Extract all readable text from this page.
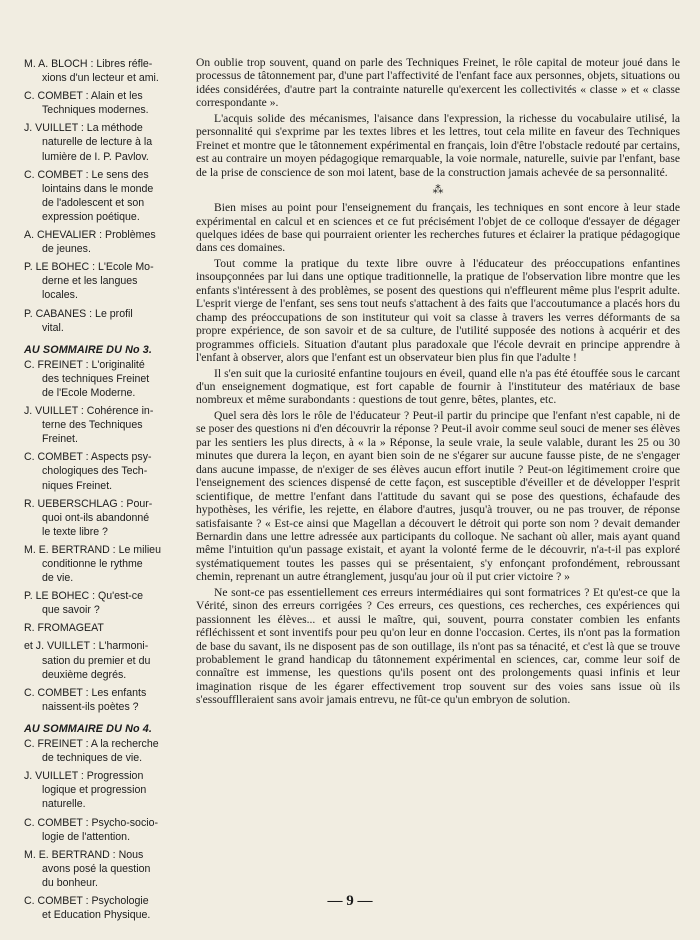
M. A. BLOCH : Libres réfle-
xions d'un lecteur et ami.
C. COMBET : Alain et les
Techniques modernes.
J. VUILLET : La méthode
naturelle de lecture à la
lumière de I. P. Pavlov.
C. COMBET : Le sens des
lointains dans le monde
de l'adolescent et son
expression poétique.
A. CHEVALIER : Problèmes
de jeunes.
P. LE BOHEC : L'Ecole Mo-
derne et les langues
locales.
P. CABANES : Le profil
vital.
AU SOMMAIRE DU No 3.
C. FREINET : L'originalité
des techniques Freinet
de l'Ecole Moderne.
J. VUILLET : Cohérence in-
terne des Techniques
Freinet.
C. COMBET : Aspects psy-
chologiques des Tech-
niques Freinet.
R. UEBERSCHLAG : Pour-
quoi ont-ils abandonné
le texte libre ?
M. E. BERTRAND : Le milieu
conditionne le rythme
de vie.
P. LE BOHEC : Qu'est-ce
que savoir ?
R. FROMAGEAT
et J. VUILLET : L'harmoni-
sation du premier et du
deuxième degrés.
C. COMBET : Les enfants
naissent-ils poètes ?
AU SOMMAIRE DU No 4.
C. FREINET : A la recherche
de techniques de vie.
J. VUILLET : Progression
logique et progression
naturelle.
C. COMBET : Psycho-socio-
logie de l'attention.
M. E. BERTRAND : Nous
avons posé la question
du bonheur.
C. COMBET : Psychologie
et Education Physique.

On oublie trop souvent, quand on parle des Techniques Freinet, le rôle capital de moteur joué dans le processus de tâtonnement par, d'une part l'affectivité de l'enfant face aux personnes, objets, situations ou idées considérées, d'autre part la contrainte naturelle qu'exercent les collectivités « classe » et « classe correspondante ».

L'acquis solide des mécanismes, l'aisance dans l'expression, la richesse du vocabulaire utilisé, la personnalité qui s'exprime par les textes libres et les lettres, tout cela milite en faveur des Techniques Freinet et montre que le tâtonnement expérimental en français, loin d'être l'obstacle redouté par certains, est au contraire un moyen pédagogique remarquable, la voie normale, naturelle, suivie par l'enfant, base de la prise de conscience de son moi latent, base de la construction jamais achevée de sa personnalité.

⁂

Bien mises au point pour l'enseignement du français, les techniques en sont encore à leur stade expérimental en calcul et en sciences et ce fut précisément l'objet de ce colloque d'essayer de dégager quelques idées de base qui pourraient orienter les recherches futures et éclairer la pratique pédagogique dans ces domaines.

Tout comme la pratique du texte libre ouvre à l'éducateur des préoccupations enfantines insoupçonnées par lui dans une optique traditionnelle, la pratique de l'observation libre montre que les enfants s'intéressent à des problèmes, se posent des questions qui n'effleurent même plus l'esprit adulte. L'esprit vierge de l'enfant, ses sens tout neufs s'attachent à des faits que l'accoutumance a placés hors du champ des préoccupations de son instituteur qui voit sa classe à travers les verres déformants de sa propre expérience, de son savoir et de sa culture, de l'utilité supposée des notions à acquérir et des programmes officiels. Situation d'autant plus paradoxale que l'école devrait en principe apprendre à l'enfant à observer, alors que l'enfant est un observateur bien plus fin que l'adulte !

Il s'en suit que la curiosité enfantine toujours en éveil, quand elle n'a pas été étouffée sous le carcant d'un enseignement dogmatique, est fort capable de fournir à l'instituteur des matériaux de base nombreux et même surabondants : questions de tout genre, bêtes, plantes, etc.

Quel sera dès lors le rôle de l'éducateur ? Peut-il partir du principe que l'enfant n'est capable, ni de se poser des questions ni d'en découvrir la réponse ? Peut-il avoir comme seul souci de mener ses élèves par les sentiers les plus directs, à « la » Réponse, la seule vraie, la seule valable, durant les 25 ou 30 minutes que durera la leçon, en ayant bien soin de ne s'égarer sur aucune fausse piste, de ne s'engager dans aucune impasse, de n'exiger de ses élèves aucun effort inutile ? Peut-on légitimement croire que l'enseignement des sciences dispensé de cette façon, est susceptible d'éveiller et de développer l'esprit scientifique, de mettre l'enfant dans l'attitude du savant qui se pose des questions, échafaude des hypothèses, les vérifie, les rejette, en élabore d'autres, jusqu'à trouver, ou ne pas trouver, de réponse satisfaisante ? « Est-ce ainsi que Magellan a découvert le détroit qui porte son nom ? devait demander Bernardin dans une lettre adressée aux participants du colloque. Ne sachant où aller, mais ayant quand même l'intuition qu'un passage existait, et ayant la volonté ferme de le découvrir, n'a-t-il pas exploré systématiquement toutes les passes qui se présentaient, s'y enfonçant profondément, rebroussant chemin, reprenant un autre étranglement, jusqu'au jour où il put crier victoire ? »

Ne sont-ce pas essentiellement ces erreurs intermédiaires qui sont formatrices ? Et qu'est-ce que la Vérité, sinon des erreurs corrigées ? Ces erreurs, ces questions, ces recherches, ces expériences qui passionnent les élèves... et aussi le maître, qui, souvent, pourra constater combien les enfants réfléchissent et sont inventifs pour peu qu'on leur en donne l'occasion. Certes, ils n'ont pas la formation de base du savant, ils ne disposent pas de son outillage, ils n'ont pas sa ténacité, et c'est là que se trouve probablement le grand handicap du tâtonnement expérimental en sciences, car, comme leur soif de connaître est immense, les questions qu'ils posent ont des prolongements quasi infinis et leur imagination risque de les égarer effectivement trop souvent sur des voies sans issue où ils s'essoufflleraient sans avoir jamais entrevu, ne fût-ce qu'un embryon de solution.

— 9 —
